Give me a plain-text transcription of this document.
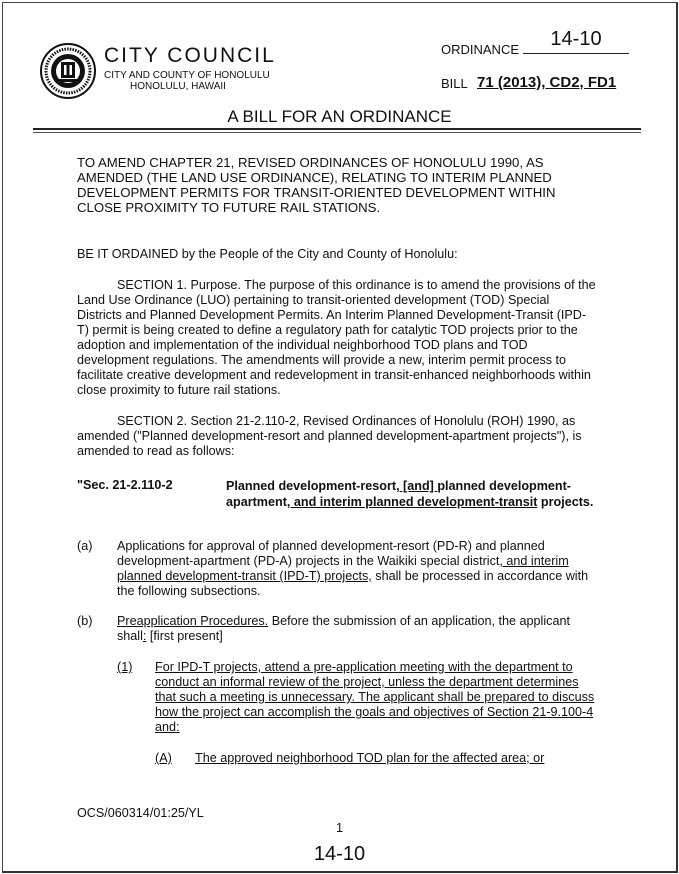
CITY COUNCIL
CITY AND COUNTY OF HONOLULU
HONOLULU, HAWAII
ORDINANCE	14-10
BILL 71 (2013), CD2, FD1
A BILL FOR AN ORDINANCE
TO AMEND CHAPTER 21, REVISED ORDINANCES OF HONOLULU 1990, AS AMENDED (THE LAND USE ORDINANCE), RELATING TO INTERIM PLANNED DEVELOPMENT PERMITS FOR TRANSIT-ORIENTED DEVELOPMENT WITHIN CLOSE PROXIMITY TO FUTURE RAIL STATIONS.
BE IT ORDAINED by the People of the City and County of Honolulu:
SECTION 1. Purpose. The purpose of this ordinance is to amend the provisions of the Land Use Ordinance (LUO) pertaining to transit-oriented development (TOD) Special Districts and Planned Development Permits. An Interim Planned Development-Transit (IPD-T) permit is being created to define a regulatory path for catalytic TOD projects prior to the adoption and implementation of the individual neighborhood TOD plans and TOD development regulations. The amendments will provide a new, interim permit process to facilitate creative development and redevelopment in transit-enhanced neighborhoods within close proximity to future rail stations.
SECTION 2. Section 21-2.110-2, Revised Ordinances of Honolulu (ROH) 1990, as amended ("Planned development-resort and planned development-apartment projects"), is amended to read as follows:
"Sec. 21-2.110-2	Planned development-resort, [and] planned development-apartment, and interim planned development-transit projects.
(a) Applications for approval of planned development-resort (PD-R) and planned development-apartment (PD-A) projects in the Waikiki special district, and interim planned development-transit (IPD-T) projects, shall be processed in accordance with the following subsections.
(b) Preapplication Procedures. Before the submission of an application, the applicant shall: [first present]
(1) For IPD-T projects, attend a pre-application meeting with the department to conduct an informal review of the project, unless the department determines that such a meeting is unnecessary. The applicant shall be prepared to discuss how the project can accomplish the goals and objectives of Section 21-9.100-4 and:
(A) The approved neighborhood TOD plan for the affected area; or
OCS/060314/01:25/YL
1
14-10
